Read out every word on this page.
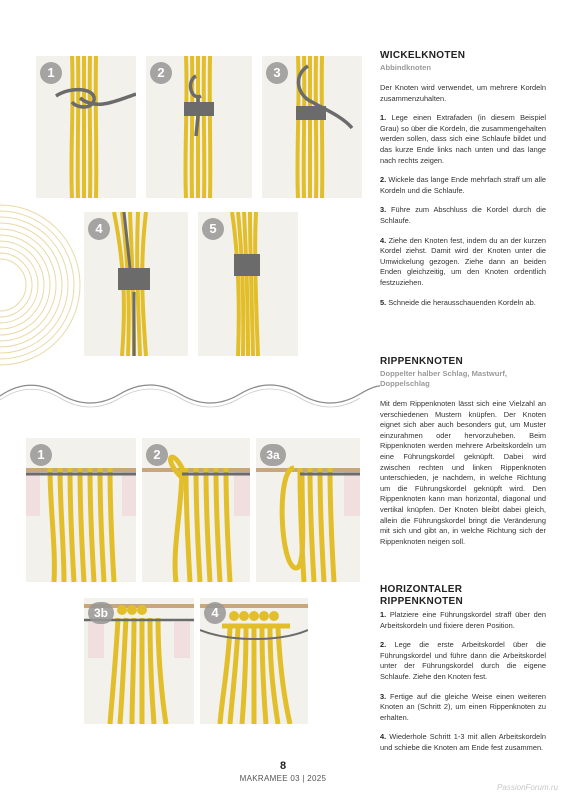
1	2	3
4	5
1	2	3a
3b	4

WICKELKNOTEN

Abbindknoten

Der Knoten wird verwendet, um mehrere Kordeln zusammenzuhalten.

1. Lege einen Extrafaden (in diesem Beispiel Grau) so über die Kordeln, die zusammengehalten werden sollen, dass sich eine Schlaufe bildet und das kurze Ende links nach unten und das lange nach rechts zeigen.

2. Wickele das lange Ende mehrfach straff um alle Kordeln und die Schlaufe.

3. Führe zum Abschluss die Kordel durch die Schlaufe.

4. Ziehe den Knoten fest, indem du an der kurzen Kordel ziehst. Damit wird der Knoten unter die Umwickelung gezogen. Ziehe dann an beiden Enden gleichzeitig, um den Knoten ordentlich festzuziehen.

5. Schneide die herausschauenden Kordeln ab.

RIPPENKNOTEN

Doppelter halber Schlag, Mastwurf, Doppelschlag

Mit dem Rippenknoten lässt sich eine Vielzahl an verschiedenen Mustern knüpfen. Der Knoten eignet sich aber auch besonders gut, um Muster einzurahmen oder hervorzuheben. Beim Rippenknoten werden mehrere Arbeitskordeln um eine Führungskordel geknüpft. Dabei wird zwischen rechten und linken Rippenknoten unterschieden, je nachdem, in welche Richtung um die Führungskordel geknüpft wird. Den Rippenknoten kann man horizontal, diagonal und vertikal knüpfen. Der Knoten bleibt dabei gleich, allein die Führungskordel bringt die Veränderung mit sich und gibt an, in welche Richtung sich der Rippenknoten neigen soll.

HORIZONTALER RIPPENKNOTEN

1. Platziere eine Führungskordel straff über den Arbeitskordeln und fixiere deren Position.

2. Lege die erste Arbeitskordel über die Führungskordel und führe dann die Arbeitskordel unter der Führungskordel durch die eigene Schlaufe. Ziehe den Knoten fest.

3. Fertige auf die gleiche Weise einen weiteren Knoten an (Schritt 2), um einen Rippenknoten zu erhalten.

4. Wiederhole Schritt 1-3 mit allen Arbeitskordeln und schiebe die Knoten am Ende fest zusammen.

8
MAKRAMEE 03 | 2025
PassionForum.ru
